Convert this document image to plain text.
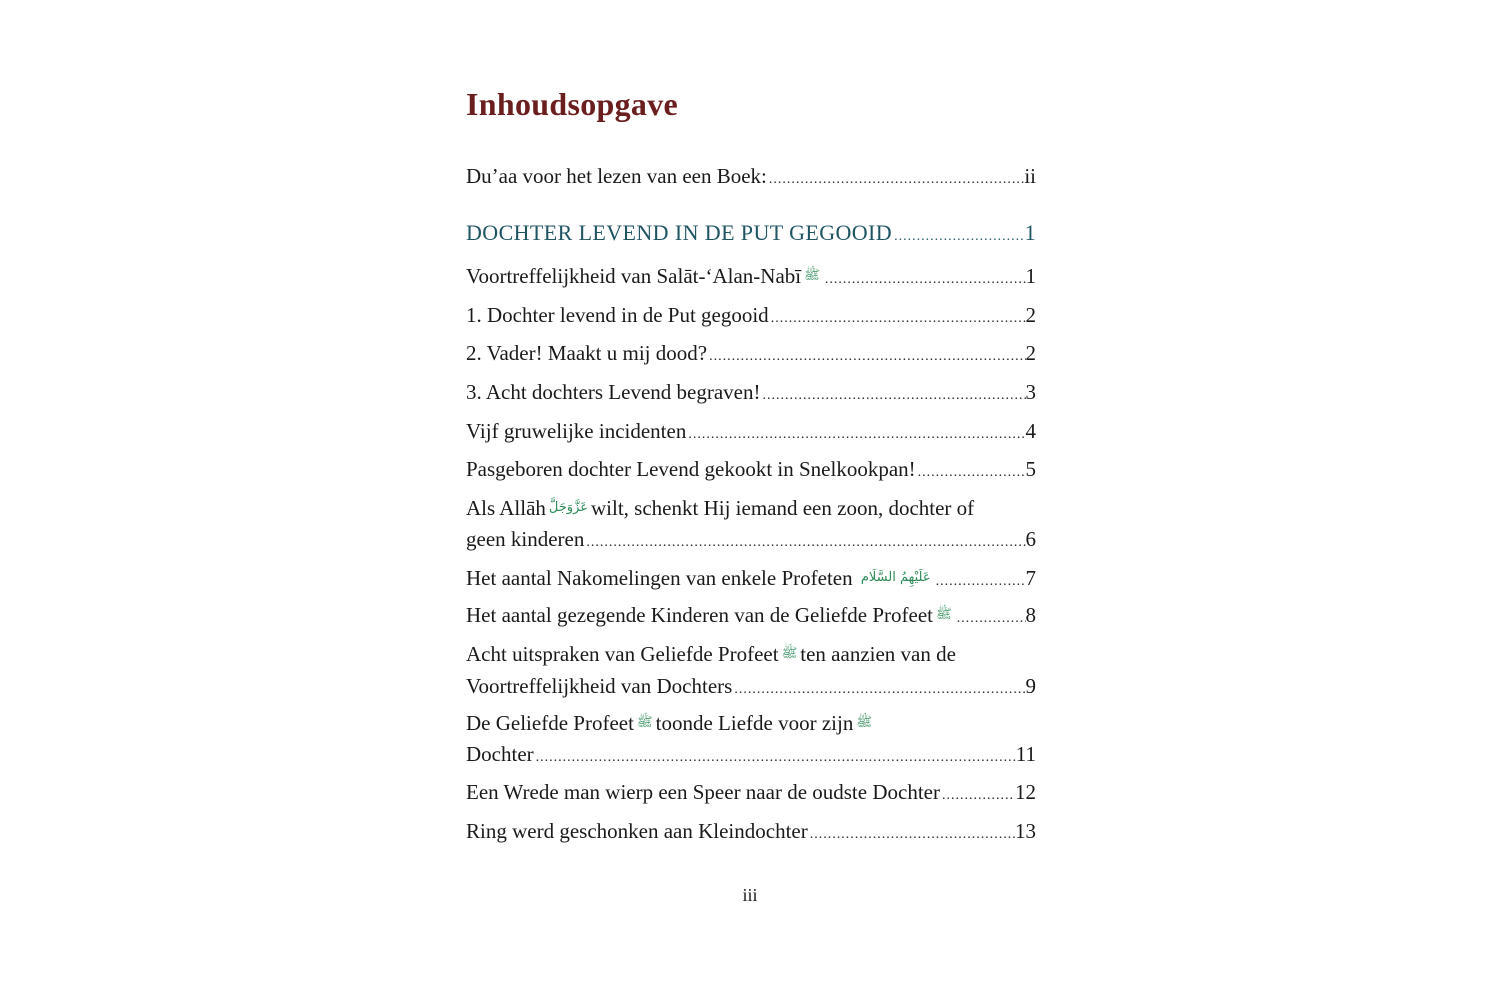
Inhoudsopgave
Du’aa voor het lezen van een Boek: .....	ii
DOCHTER LEVEND IN DE PUT GEGOOID .....	1
Voortreffelijkheid van Salāt-‘Alan-Nabī ﷺ .....	1
1. Dochter levend in de Put gegooid .....	2
2. Vader! Maakt u mij dood? .....	2
3. Acht dochters Levend begraven! .....	3
Vijf gruwelijke incidenten .....	4
Pasgeboren dochter Levend gekookt in Snelkookpan! .....	5
Als Allāh عَزَّوَجَلَّ wilt, schenkt Hij iemand een zoon, dochter of
geen kinderen .....	6
Het aantal Nakomelingen van enkele Profeten عَلَيْهِمُ السَّلَام .....	7
Het aantal gezegende Kinderen van de Geliefde Profeet ﷺ .....	8
Acht uitspraken van Geliefde Profeet ﷺ ten aanzien van de
Voortreffelijkheid van Dochters .....	9
De Geliefde Profeet ﷺ toonde Liefde voor zijn ﷺ
Dochter .....	11
Een Wrede man wierp een Speer naar de oudste Dochter .....	12
Ring werd geschonken aan Kleindochter .....	13
iii
